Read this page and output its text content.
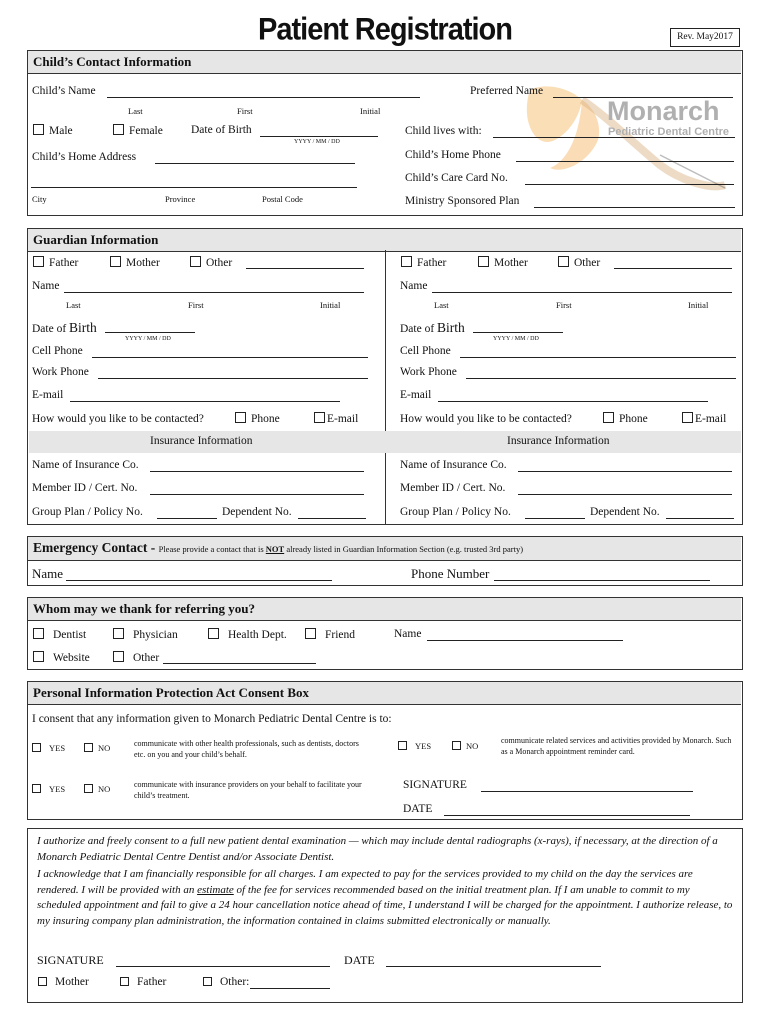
Patient Registration	Rev. May2017
Child’s Contact Information
Monarch
Pediatric Dental Centre
Child’s Name
Last	First	Initial
Preferred Name
Male	Female Date of Birth
YYYY / MM / DD
Child lives with:
Child’s Home Address
City	Province	Postal Code
Child’s Home Phone
Child’s Care Card No.
Ministry Sponsored Plan
Guardian Information
Insurance Information	Insurance Information
Father	Mother	Other
Name
Last	First	Initial
Date of Birth
YYYY / MM / DD
Cell Phone
Work Phone
E-mail
How would you like to be contacted?	Phone	E-mail
Name of Insurance Co.
Member ID / Cert. No.
Group Plan / Policy No.	Dependent No.
Father	Mother	Other
Name
Last	First	Initial
Date of Birth
YYYY / MM / DD
Cell Phone
Work Phone
E-mail
How would you like to be contacted?	Phone	E-mail
Name of Insurance Co.
Member ID / Cert. No.
Group Plan / Policy No.	Dependent No.
Emergency Contact - Please provide a contact that is NOT already listed in Guardian Information Section (e.g. trusted 3rd party)
Name	Phone Number
Whom may we thank for referring you?
Dentist	Physician	Health Dept.	Friend	Name
Website	Other
Personal Information Protection Act Consent Box
I consent that any information given to Monarch Pediatric Dental Centre is to:
YES	NO	communicate with other health professionals, such as dentists, doctors etc. on you and your child’s behalf.
YES	NO	communicate with insurance providers on your behalf to facilitate your child’s treatment.
YES	NO
communicate related services and activities provided by Monarch. Such as a Monarch appointment reminder card.
SIGNATURE
DATE
I authorize and freely consent to a full new patient dental examination — which may include dental radiographs (x-rays), if necessary, at the direction of a Monarch Pediatric Dental Centre Dentist and/or Associate Dentist.
I acknowledge that I am financially responsible for all charges. I am expected to pay for the services provided to my child on the day the services are rendered. I will be provided with an estimate of the fee for services recommended based on the initial treatment plan. If I am unable to commit to my scheduled appointment and fail to give a 24 hour cancellation notice ahead of time, I understand I will be charged for the appointment. I authorize release, to my insuring company plan administration, the information contained in claims submitted electronically or manually.
SIGNATURE	DATE
Mother	Father	Other:
